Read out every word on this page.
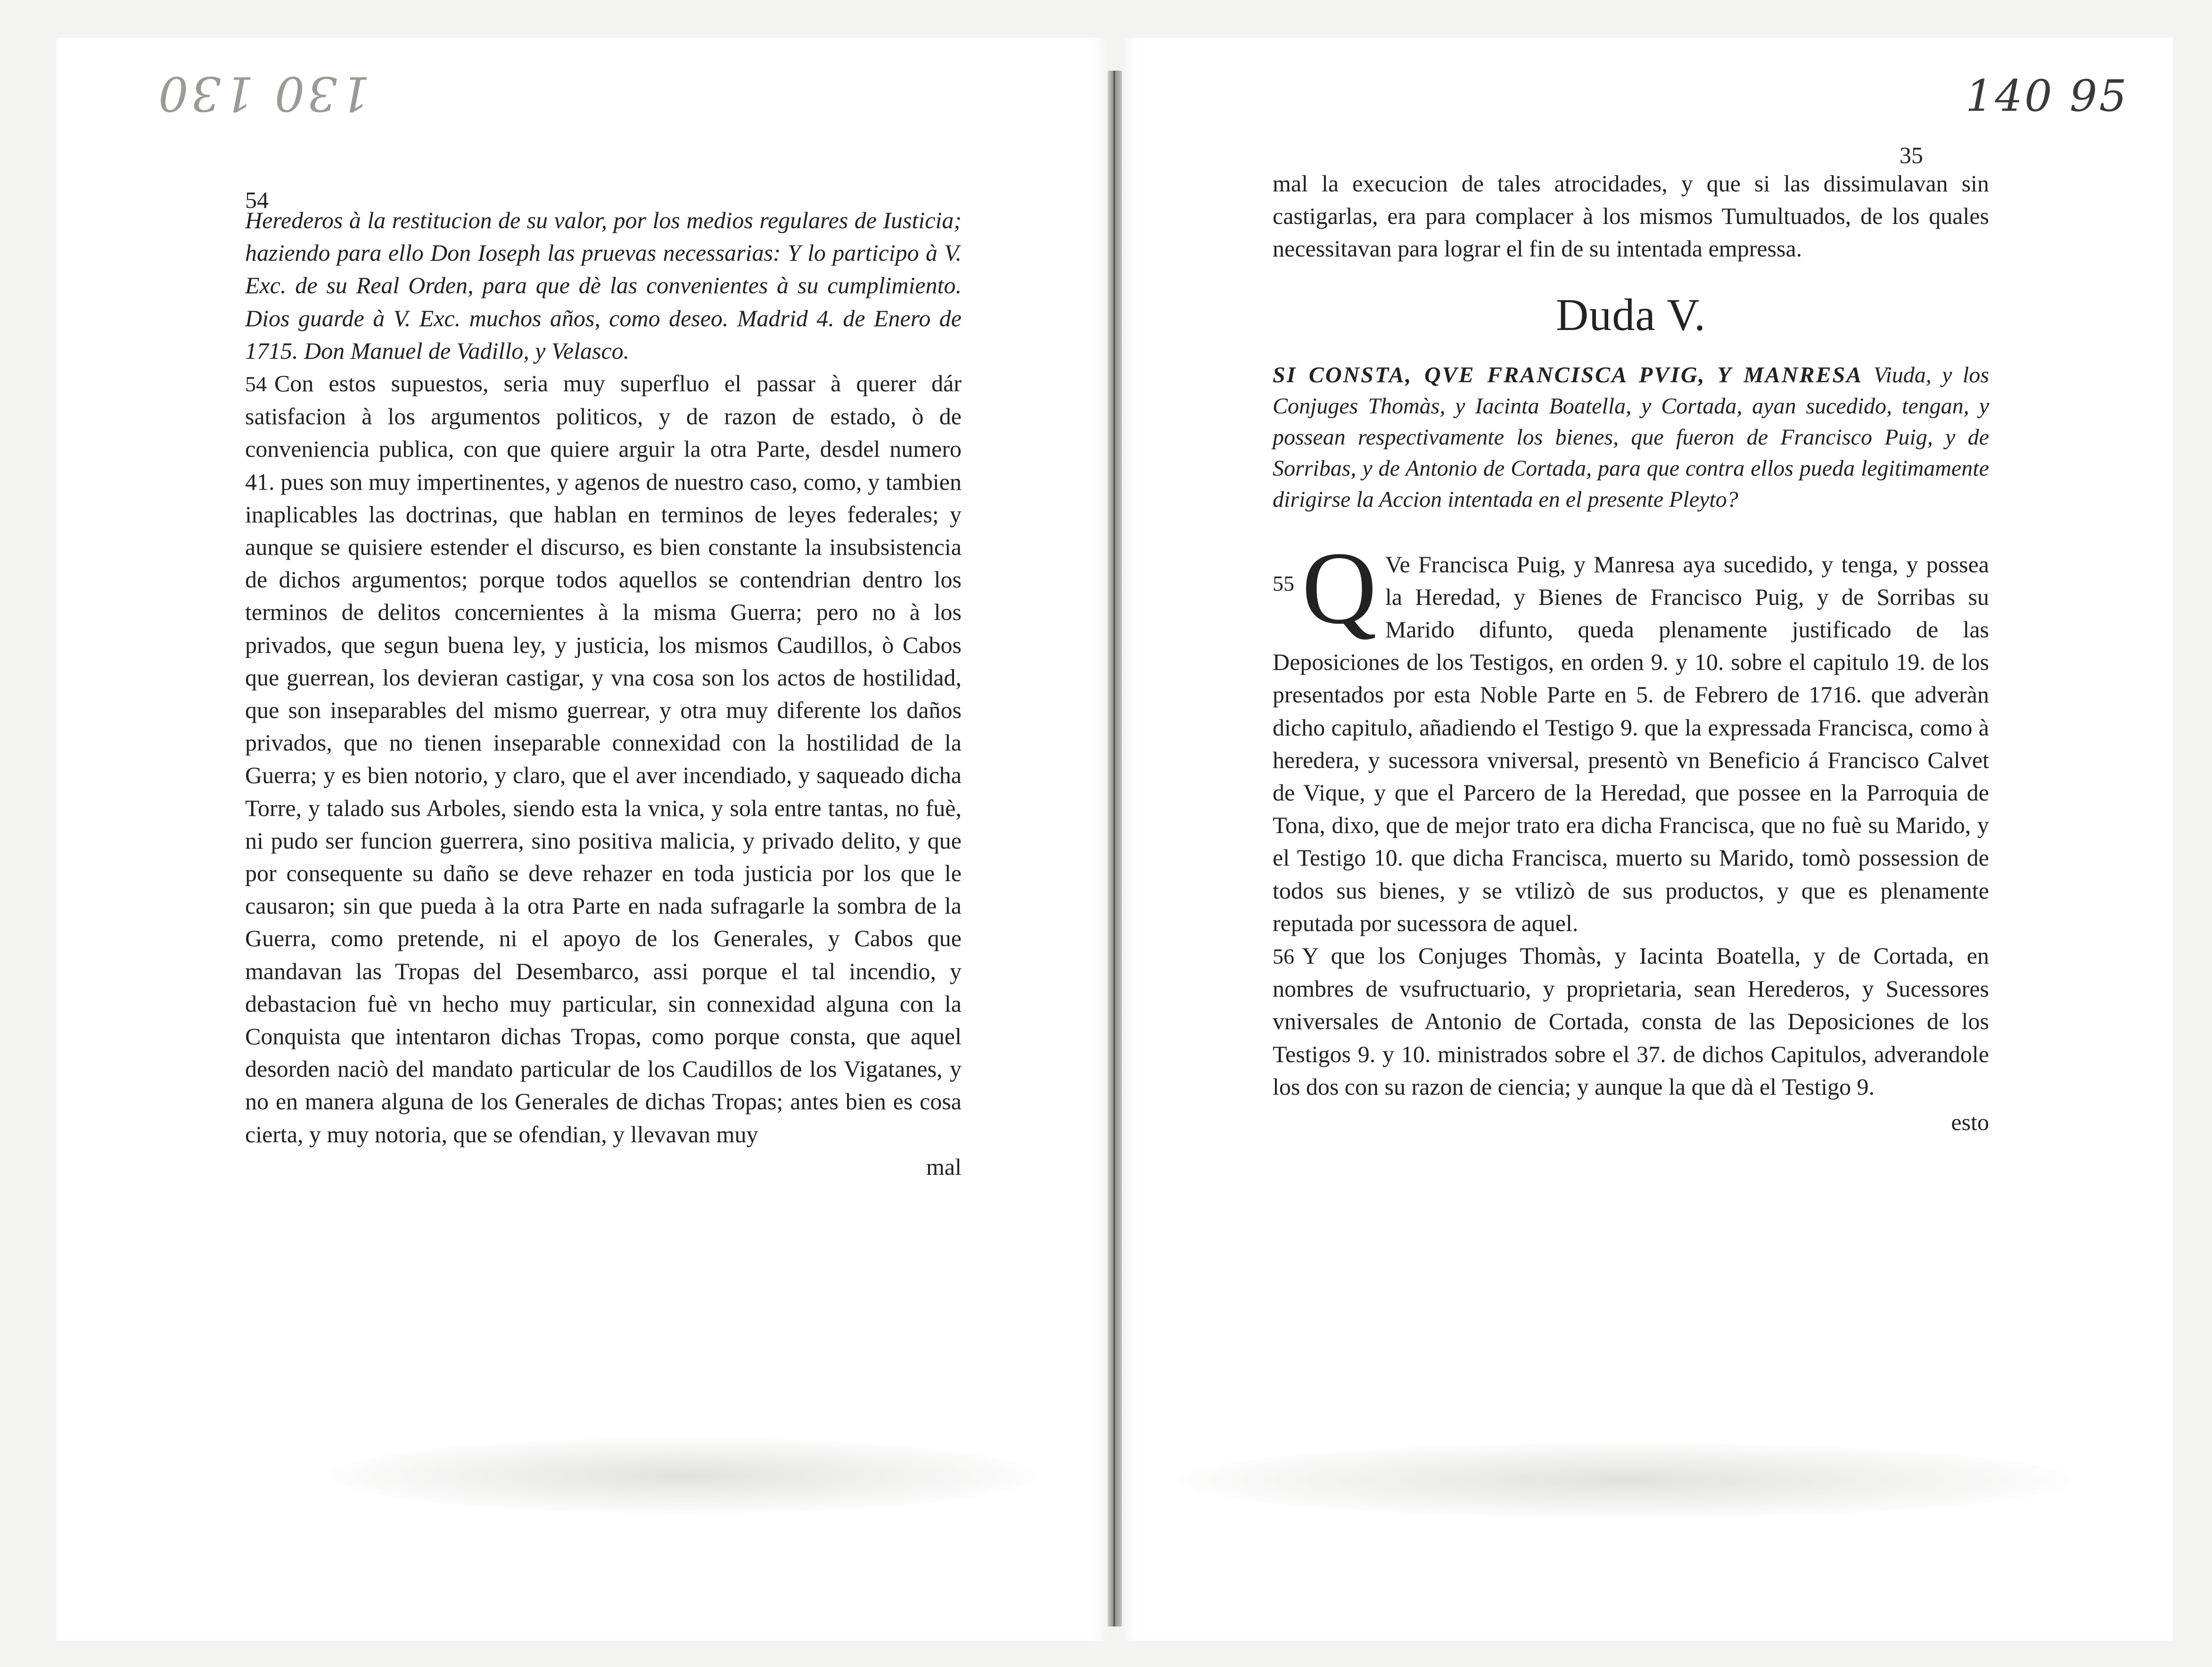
130 130	140 95
54

Herederos à la restitucion de su valor, por los medios regulares de Iusticia; haziendo para ello Don Ioseph las pruevas necessarias: Y lo participo à V. Exc. de su Real Orden, para que dè las convenientes à su cumplimiento. Dios guarde à V. Exc. muchos años, como deseo. Madrid 4. de Enero de 1715. Don Manuel de Vadillo, y Velasco.

54 Con estos supuestos, seria muy superfluo el passar à querer dár satisfacion à los argumentos politicos, y de razon de estado, ò de conveniencia publica, con que quiere arguir la otra Parte, desdel numero 41. pues son muy impertinentes, y agenos de nuestro caso, como, y tambien inaplicables las doctrinas, que hablan en terminos de leyes federales; y aunque se quisiere estender el discurso, es bien constante la insubsistencia de dichos argumentos; porque todos aquellos se contendrian dentro los terminos de delitos concernientes à la misma Guerra; pero no à los privados, que segun buena ley, y justicia, los mismos Caudillos, ò Cabos que guerrean, los devieran castigar, y vna cosa son los actos de hostilidad, que son inseparables del mismo guerrear, y otra muy diferente los daños privados, que no tienen inseparable connexidad con la hostilidad de la Guerra; y es bien notorio, y claro, que el aver incendiado, y saqueado dicha Torre, y talado sus Arboles, siendo esta la vnica, y sola entre tantas, no fuè, ni pudo ser funcion guerrera, sino positiva malicia, y privado delito, y que por consequente su daño se deve rehazer en toda justicia por los que le causaron; sin que pueda à la otra Parte en nada sufragarle la sombra de la Guerra, como pretende, ni el apoyo de los Generales, y Cabos que mandavan las Tropas del Desembarco, assi porque el tal incendio, y debastacion fuè vn hecho muy particular, sin connexidad alguna con la Conquista que intentaron dichas Tropas, como porque consta, que aquel desorden naciò del mandato particular de los Caudillos de los Vigatanes, y no en manera alguna de los Generales de dichas Tropas; antes bien es cosa cierta, y muy notoria, que se ofendian, y llevavan muy

mal

35

mal la execucion de tales atrocidades, y que si las dissimulavan sin castigarlas, era para complacer à los mismos Tumultuados, de los quales necessitavan para lograr el fin de su intentada empressa.

Duda V.

SI CONSTA, QVE FRANCISCA PVIG, Y MANRESA Viuda, y los Conjuges Thomàs, y Iacinta Boatella, y Cortada, ayan sucedido, tengan, y possean respectivamente los bienes, que fueron de Francisco Puig, y de Sorribas, y de Antonio de Cortada, para que contra ellos pueda legitimamente dirigirse la Accion intentada en el presente Pleyto?

55 Q Ve Francisca Puig, y Manresa aya sucedido, y tenga, y possea la Heredad, y Bienes de Francisco Puig, y de Sorribas su Marido difunto, queda plenamente justificado de las Deposiciones de los Testigos, en orden 9. y 10. sobre el capitulo 19. de los presentados por esta Noble Parte en 5. de Febrero de 1716. que adveràn dicho capitulo, añadiendo el Testigo 9. que la expressada Francisca, como à heredera, y sucessora vniversal, presentò vn Beneficio á Francisco Calvet de Vique, y que el Parcero de la Heredad, que possee en la Parroquia de Tona, dixo, que de mejor trato era dicha Francisca, que no fuè su Marido, y el Testigo 10. que dicha Francisca, muerto su Marido, tomò possession de todos sus bienes, y se vtilizò de sus productos, y que es plenamente reputada por sucessora de aquel.

56 Y que los Conjuges Thomàs, y Iacinta Boatella, y de Cortada, en nombres de vsufructuario, y proprietaria, sean Herederos, y Sucessores vniversales de Antonio de Cortada, consta de las Deposiciones de los Testigos 9. y 10. ministrados sobre el 37. de dichos Capitulos, adverandole los dos con su razon de ciencia; y aunque la que dà el Testigo 9.

esto
